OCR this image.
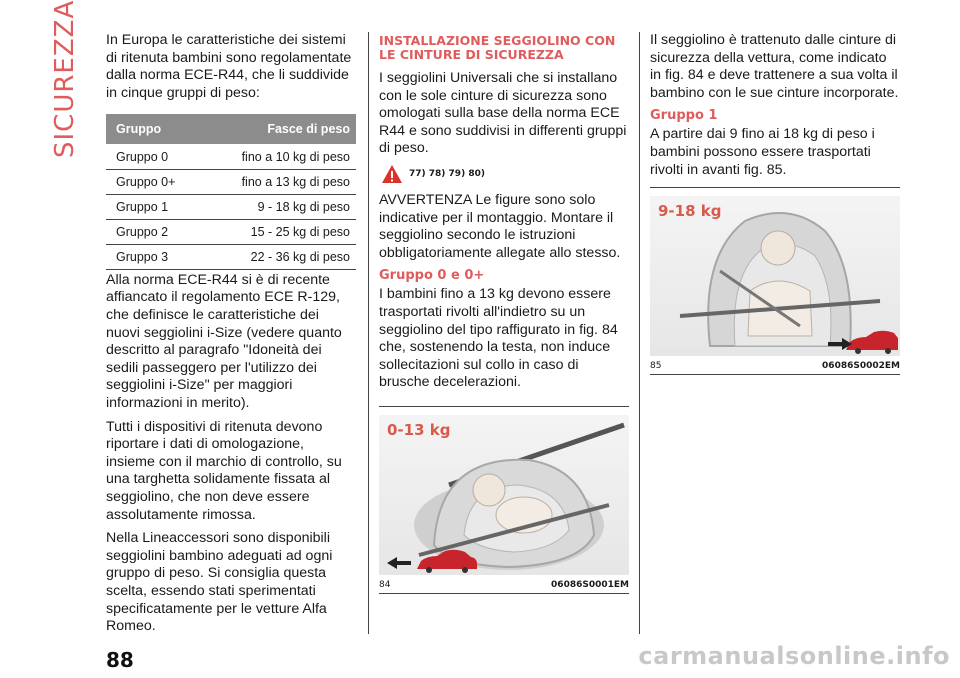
SICUREZZA In Europa le caratteristiche dei sistemi di ritenuta bambini sono regolamentate dalla norma ECE-R44, che li suddivide in cinque gruppi di peso:

Gruppo	Fasce di peso
Gruppo 0	fino a 10 kg di peso
Gruppo 0+	fino a 13 kg di peso
Gruppo 1	9 - 18 kg di peso
Gruppo 2	15 - 25 kg di peso
Gruppo 3	22 - 36 kg di peso

Alla norma ECE-R44 si è di recente affiancato il regolamento ECE R-129, che definisce le caratteristiche dei nuovi seggiolini i-Size (vedere quanto descritto al paragrafo "Idoneità dei sedili passeggero per l'utilizzo dei seggiolini i-Size" per maggiori informazioni in merito).

Tutti i dispositivi di ritenuta devono riportare i dati di omologazione, insieme con il marchio di controllo, su una targhetta solidamente fissata al seggiolino, che non deve essere assolutamente rimossa.

Nella Lineaccessori sono disponibili seggiolini bambino adeguati ad ogni gruppo di peso. Si consiglia questa scelta, essendo stati sperimentati specificatamente per le vetture Alfa Romeo.

INSTALLAZIONE SEGGIOLINO CON LE CINTURE DI SICUREZZA

I seggiolini Universali che si installano con le sole cinture di sicurezza sono omologati sulla base della norma ECE R44 e sono suddivisi in differenti gruppi di peso.

77) 78) 79) 80)

AVVERTENZA Le figure sono solo indicative per il montaggio. Montare il seggiolino secondo le istruzioni obbligatoriamente allegate allo stesso.

Gruppo 0 e 0+

I bambini fino a 13 kg devono essere trasportati rivolti all'indietro su un seggiolino del tipo raffigurato in fig. 84 che, sostenendo la testa, non induce sollecitazioni sul collo in caso di brusche decelerazioni.

0-13 kg
84	06086S0001EM

Il seggiolino è trattenuto dalle cinture di sicurezza della vettura, come indicato in fig. 84 e deve trattenere a sua volta il bambino con le sue cinture incorporate.

Gruppo 1

A partire dai 9 fino ai 18 kg di peso i bambini possono essere trasportati rivolti in avanti fig. 85.

9-18 kg
85	06086S0002EM
88	carmanualsonline.info
